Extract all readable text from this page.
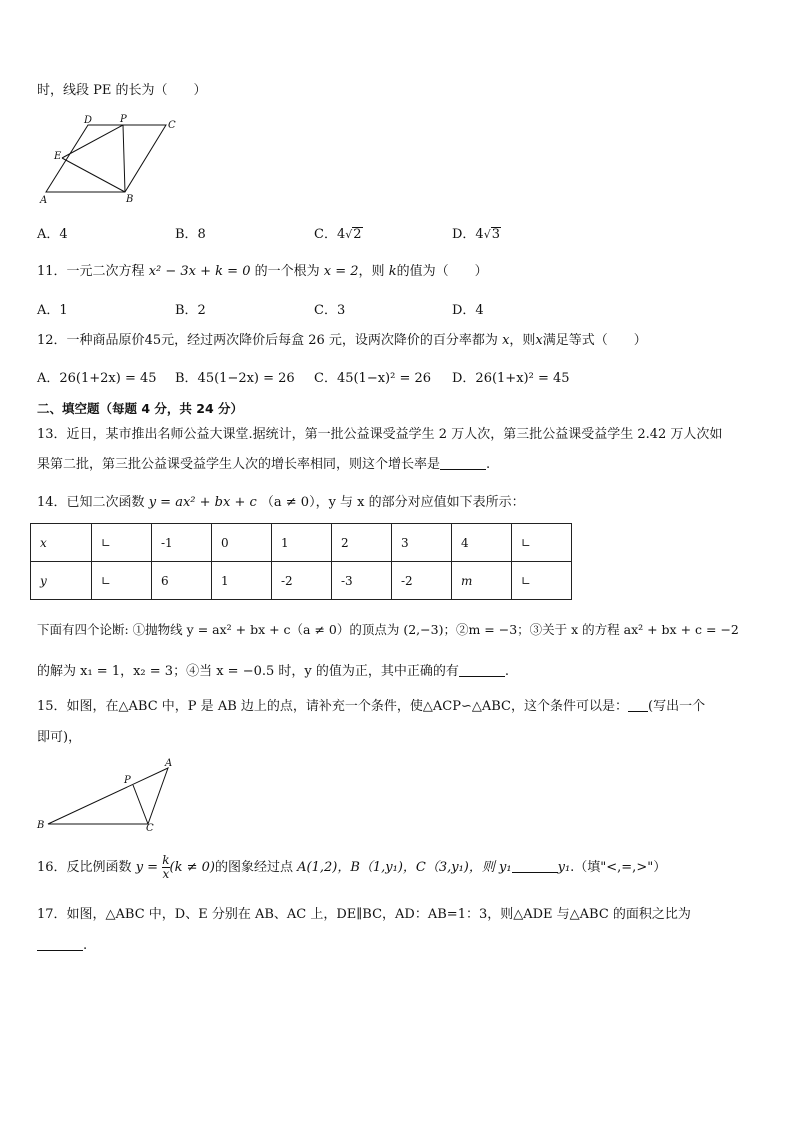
时，线段 PE 的长为（　　）
D	P
C
E
A	B
A．4	B．8	C．4√2	D．4√3
11．一元二次方程 x² − 3x + k = 0 的一个根为 x = 2，则 k的值为（　　）
A．1	B．2	C．3	D．4
12．一种商品原价45元，经过两次降价后每盒 26 元，设两次降价的百分率都为 x，则x满足等式（　　）
A．26(1+2x) = 45 B．45(1−2x) = 26 C．45(1−x)² = 26 D．26(1+x)² = 45
二、填空题（每题 4 分，共 24 分）
13．近日，某市推出名师公益大课堂.据统计，第一批公益课受益学生 2 万人次，第三批公益课受益学生 2.42 万人次如
果第二批，第三批公益课受益学生人次的增长率相同，则这个增长率是	.
14．已知二次函数 y = ax² + bx + c （a ≠ 0），y 与 x 的部分对应值如下表所示：
x	∟	-1	0	1	2	3	4	∟
y	∟	6	1	-2	-3	-2	m	∟
下面有四个论断: ①抛物线 y = ax² + bx + c（a ≠ 0）的顶点为 (2,−3)；②m = −3；③关于 x 的方程 ax² + bx + c = −2
的解为 x₁ = 1，x₂ = 3；④当 x = −0.5 时，y 的值为正，其中正确的有	.
15．如图，在△ABC 中，P 是 AB 边上的点，请补充一个条件，使△ACP∽△ABC，这个条件可以是： (写出一个
即可)，
A
P
B	C
16．反比例函数 $y = \frac{k}{x} (k \ne 0)$的图象经过点 A(1,2)，B（1,y₁)，C（3,y₁)，则 y₁	y₁.（填"<,=,>"）
17．如图，△ABC 中，D、E 分别在 AB、AC 上，DE∥BC，AD：AB=1：3，则△ADE 与△ABC 的面积之比为
.
